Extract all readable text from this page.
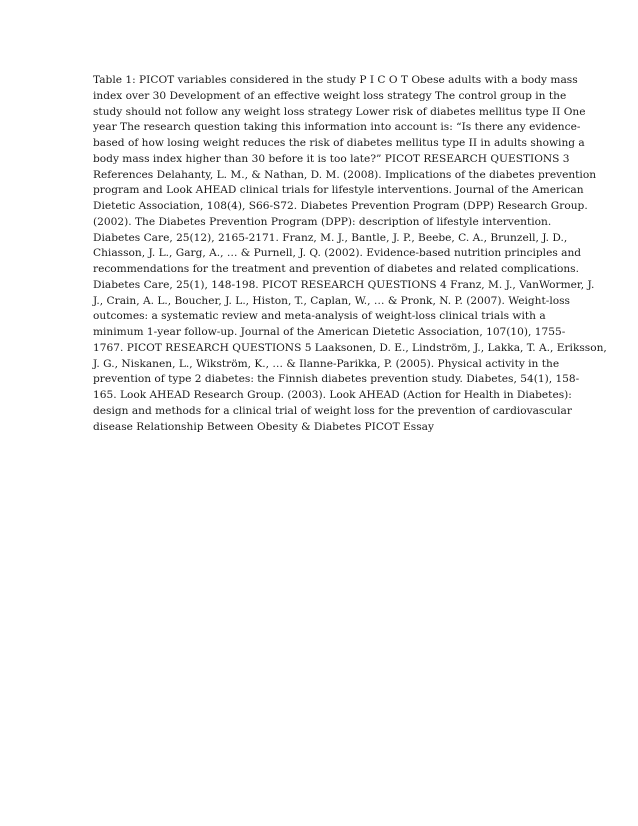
Table 1: PICOT variables considered in the study P I C O T Obese adults with a body mass
index over 30 Development of an effective weight loss strategy The control group in the
study should not follow any weight loss strategy Lower risk of diabetes mellitus type II One
year The research question taking this information into account is: “Is there any evidence-
based of how losing weight reduces the risk of diabetes mellitus type II in adults showing a
body mass index higher than 30 before it is too late?” PICOT RESEARCH QUESTIONS 3
References Delahanty, L. M., & Nathan, D. M. (2008). Implications of the diabetes prevention
program and Look AHEAD clinical trials for lifestyle interventions. Journal of the American
Dietetic Association, 108(4), S66-S72. Diabetes Prevention Program (DPP) Research Group.
(2002). The Diabetes Prevention Program (DPP): description of lifestyle intervention.
Diabetes Care, 25(12), 2165-2171. Franz, M. J., Bantle, J. P., Beebe, C. A., Brunzell, J. D.,
Chiasson, J. L., Garg, A., … & Purnell, J. Q. (2002). Evidence-based nutrition principles and
recommendations for the treatment and prevention of diabetes and related complications.
Diabetes Care, 25(1), 148-198. PICOT RESEARCH QUESTIONS 4 Franz, M. J., VanWormer, J.
J., Crain, A. L., Boucher, J. L., Histon, T., Caplan, W., … & Pronk, N. P. (2007). Weight-loss
outcomes: a systematic review and meta-analysis of weight-loss clinical trials with a
minimum 1-year follow-up. Journal of the American Dietetic Association, 107(10), 1755-
1767. PICOT RESEARCH QUESTIONS 5 Laaksonen, D. E., Lindström, J., Lakka, T. A., Eriksson,
J. G., Niskanen, L., Wikström, K., … & Ilanne-Parikka, P. (2005). Physical activity in the
prevention of type 2 diabetes: the Finnish diabetes prevention study. Diabetes, 54(1), 158-
165. Look AHEAD Research Group. (2003). Look AHEAD (Action for Health in Diabetes):
design and methods for a clinical trial of weight loss for the prevention of cardiovascular
disease Relationship Between Obesity & Diabetes PICOT Essay
